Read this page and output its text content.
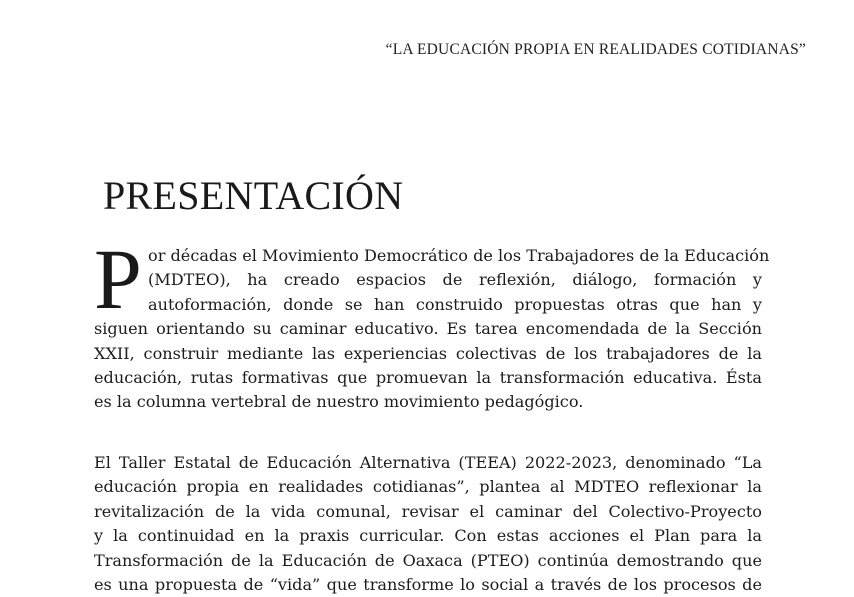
“LA EDUCACIÓN PROPIA EN REALIDADES COTIDIANAS”
PRESENTACIÓN
P or décadas el Movimiento Democrático de los Trabajadores de la Educación
(MDTEO), ha creado espacios de reflexión, diálogo, formación y
autoformación, donde se han construido propuestas otras que han y
siguen orientando su caminar educativo. Es tarea encomendada de la Sección
XXII, construir mediante las experiencias colectivas de los trabajadores de la
educación, rutas formativas que promuevan la transformación educativa. Ésta
es la columna vertebral de nuestro movimiento pedagógico.
El Taller Estatal de Educación Alternativa (TEEA) 2022-2023, denominado “La
educación propia en realidades cotidianas”, plantea al MDTEO reflexionar la
revitalización de la vida comunal, revisar el caminar del Colectivo-Proyecto
y la continuidad en la praxis curricular. Con estas acciones el Plan para la
Transformación de la Educación de Oaxaca (PTEO) continúa demostrando que
es una propuesta de “vida” que transforme lo social a través de los procesos de
